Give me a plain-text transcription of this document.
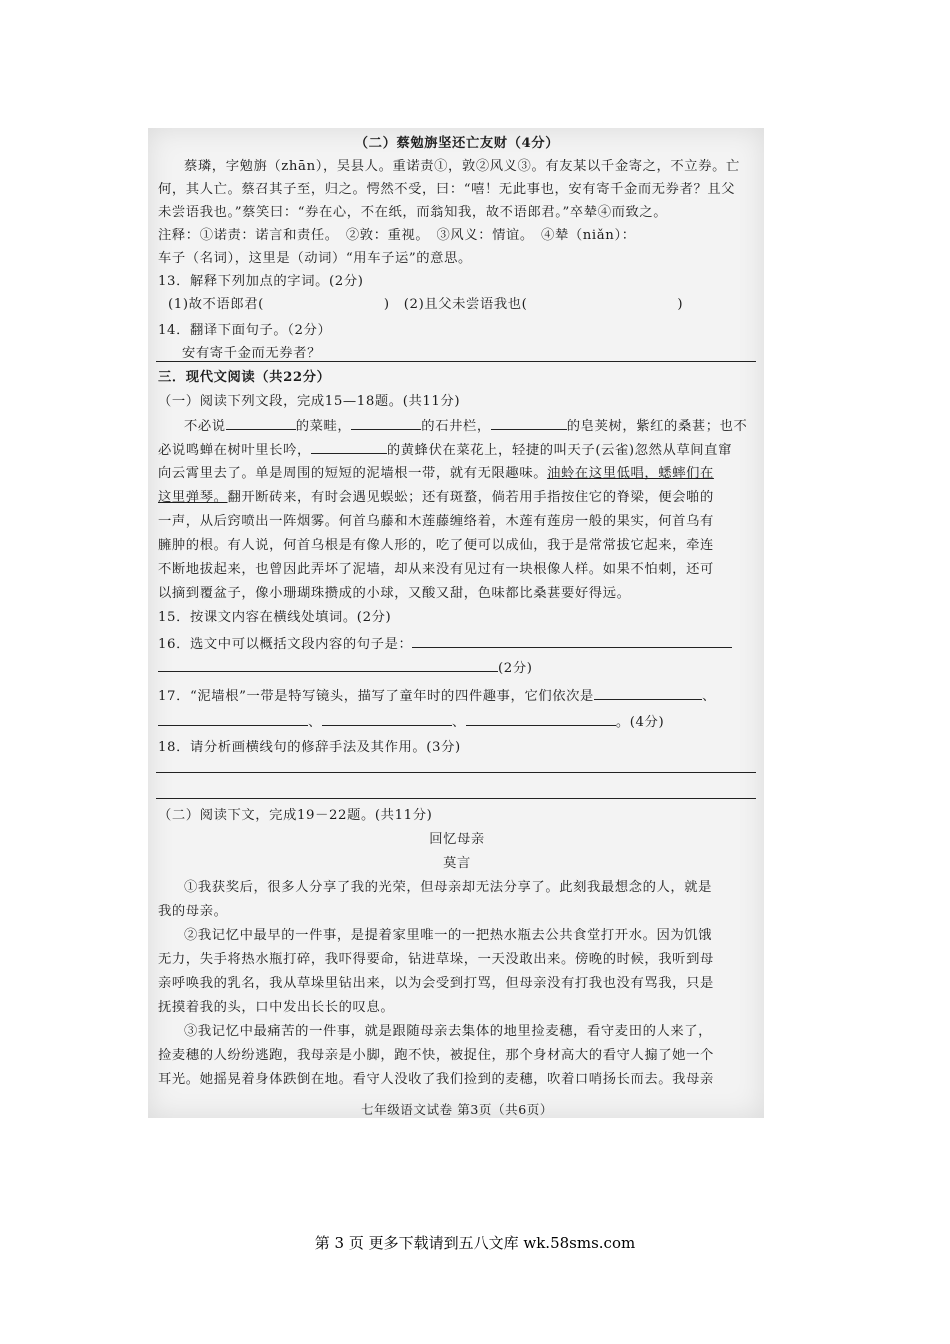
（二）蔡勉旃坚还亡友财（4分）
蔡璘，字勉旃（zhān），吴县人。重诺责①，敦②风义③。有友某以千金寄之，不立券。亡
何，其人亡。蔡召其子至，归之。愕然不受，曰：“嘻！无此事也，安有寄千金而无券者？且父
未尝语我也。”蔡笑曰：“券在心，不在纸，而翁知我，故不语郎君。”卒辇④而致之。
注释：①诺责：诺言和责任。　②敦：重视。　③风义：情谊。　④辇（niǎn）：
车子（名词），这里是（动词）“用车子运”的意思。
13．解释下列加点的字词。(2分)
(1)故不语郎君(	) (2)且父未尝语我也(	)
14．翻译下面句子。（2分）
安有寄千金而无券者？
三．现代文阅读（共22分）
（一）阅读下列文段，完成15—18题。(共11分)
不必说	的菜畦，	的石井栏，	的皂荚树，紫红的桑葚；也不
必说鸣蝉在树叶里长吟，	的黄蜂伏在菜花上，轻捷的叫天子(云雀)忽然从草间直窜
向云霄里去了。单是周围的短短的泥墙根一带，就有无限趣味。油蛉在这里低唱，蟋蟀们在
这里弹琴。翻开断砖来，有时会遇见蜈蚣；还有斑蝥，倘若用手指按住它的脊梁，便会啪的
一声，从后窍喷出一阵烟雾。何首乌藤和木莲藤缠络着，木莲有莲房一般的果实，何首乌有
臃肿的根。有人说，何首乌根是有像人形的，吃了便可以成仙，我于是常常拔它起来，牵连
不断地拔起来，也曾因此弄坏了泥墙，却从来没有见过有一块根像人样。如果不怕刺，还可
以摘到覆盆子，像小珊瑚珠攒成的小球，又酸又甜，色味都比桑葚要好得远。
15．按课文内容在横线处填词。(2分)
16．选文中可以概括文段内容的句子是：
(2分)
17．“泥墙根”一带是特写镜头，描写了童年时的四件趣事，它们依次是	、
、	、	。(4分)
18．请分析画横线句的修辞手法及其作用。(3分)
（二）阅读下文，完成19－22题。(共11分)
回忆母亲
莫言
①我获奖后，很多人分享了我的光荣，但母亲却无法分享了。此刻我最想念的人，就是
我的母亲。
②我记忆中最早的一件事，是提着家里唯一的一把热水瓶去公共食堂打开水。因为饥饿
无力，失手将热水瓶打碎，我吓得要命，钻进草垛，一天没敢出来。傍晚的时候，我听到母
亲呼唤我的乳名，我从草垛里钻出来，以为会受到打骂，但母亲没有打我也没有骂我，只是
抚摸着我的头，口中发出长长的叹息。
③我记忆中最痛苦的一件事，就是跟随母亲去集体的地里捡麦穗，看守麦田的人来了，
捡麦穗的人纷纷逃跑，我母亲是小脚，跑不快，被捉住，那个身材高大的看守人搧了她一个
耳光。她摇晃着身体跌倒在地。看守人没收了我们捡到的麦穗，吹着口哨扬长而去。我母亲
七年级语文试卷 第3页（共6页）
第 3 页 更多下载请到五八文库 wk.58sms.com
